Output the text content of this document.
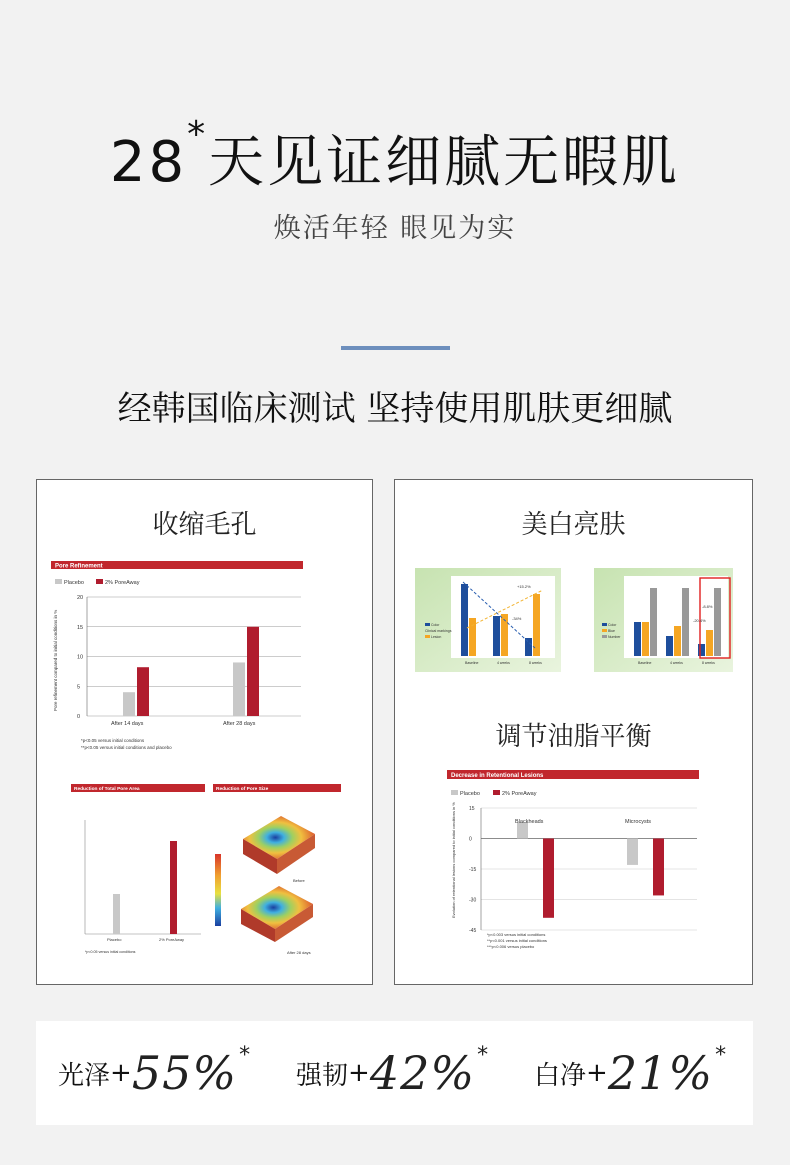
28*天见证细腻无暇肌
焕活年轻 眼见为实
经韩国临床测试 坚持使用肌肤更细腻
收缩毛孔
Pore Refinement
Placebo	2% PoreAway
Pore refinement compared to initial conditions in %
0
5
10
15
20
After 14 days	After 28 days
*p<0.05 versus initial conditions
**p<0.05 versus initial conditions and placebo
Reduction of Total Pore Area
Placebo	2% PoreAway
*p<0.05 versus initial conditions
Reduction of Pore Size
Before
After 28 days
美白亮肤
+15.2%
-34%
Color
Clinical markings
Lesion
Baseline	4 weeks	8 weeks
-8.8%
-20.4%
Color
Blue
Number
Baseline	4 weeks	8 weeks
调节油脂平衡
Decrease in Retentional Lesions
Placebo	2% PoreAway
Evolution of retentional lesions compared to initial conditions in %	15
0
-15
-30
-45
Blackheads	Microcysts
*p<0.003 versus initial conditions
**p<0.001 versus initial conditions
***p<0.006 versus placebo
光泽 + 55% *
强韧 + 42% *
白净 + 21% *
